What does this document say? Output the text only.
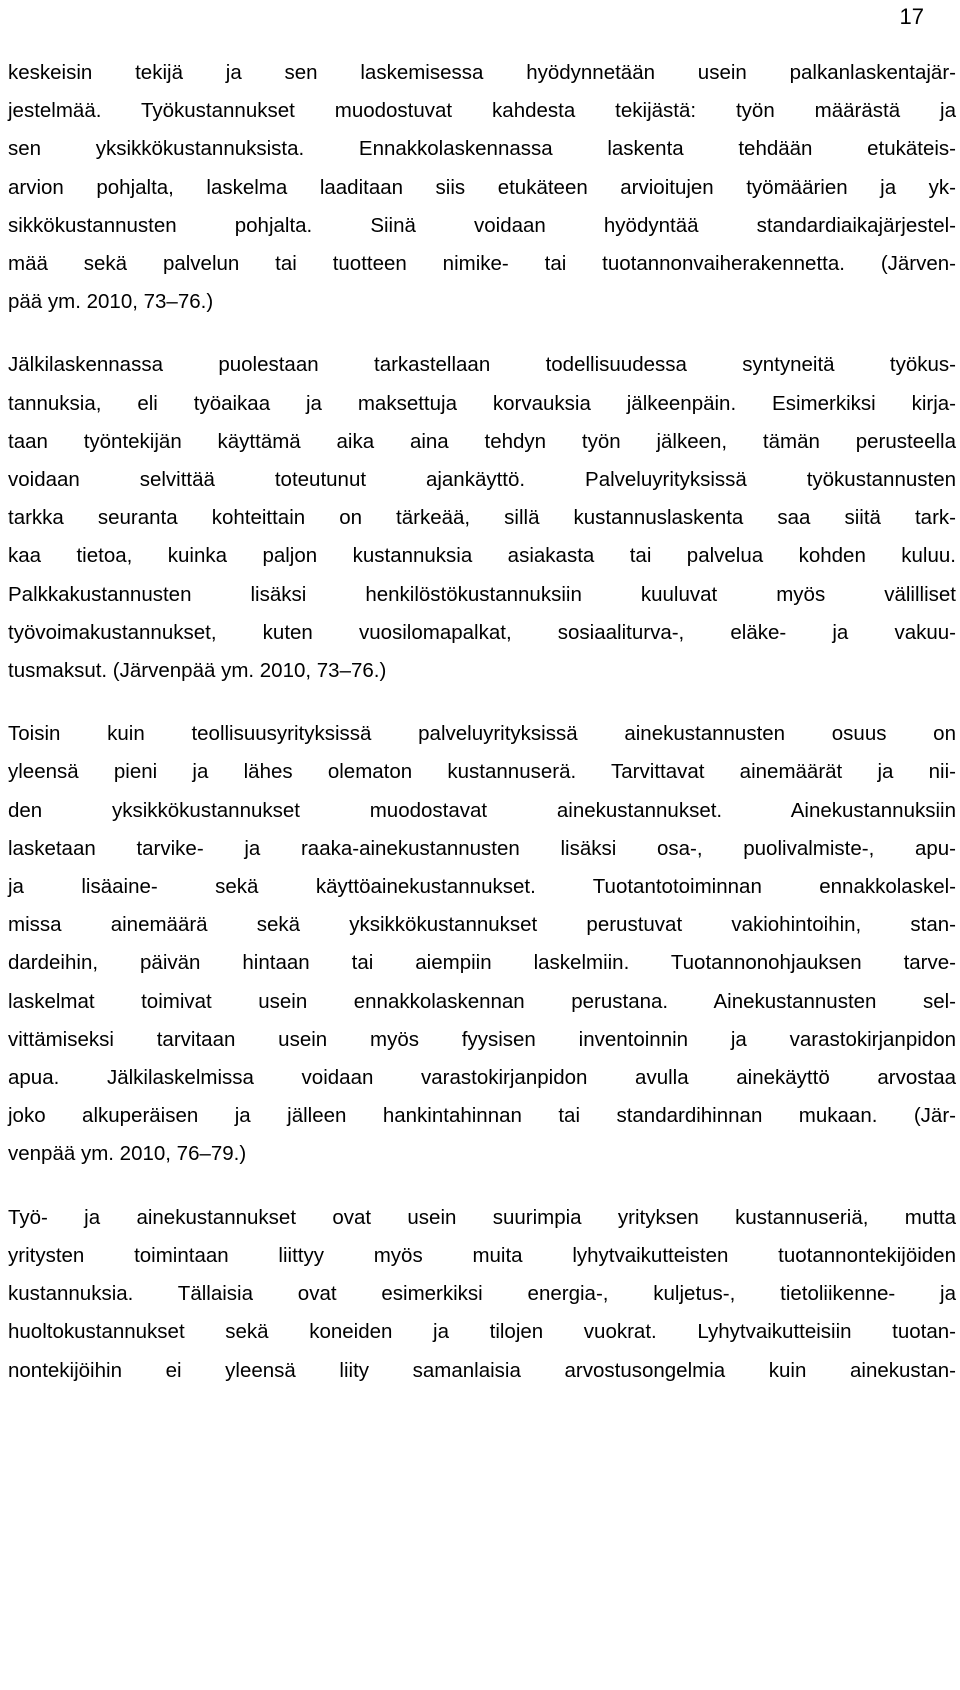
17

keskeisin tekijä ja sen laskemisessa hyödynnetään usein palkanlaskentajär-
jestelmää. Työkustannukset muodostuvat kahdesta tekijästä: työn määrästä ja
sen yksikkökustannuksista. Ennakkolaskennassa laskenta tehdään etukäteis-
arvion pohjalta, laskelma laaditaan siis etukäteen arvioitujen työmäärien ja yk-
sikkökustannusten pohjalta. Siinä voidaan hyödyntää standardiaikajärjestel-
mää sekä palvelun tai tuotteen nimike- tai tuotannonvaiherakennetta. (Järven-
pää ym. 2010, 73–76.)

Jälkilaskennassa puolestaan tarkastellaan todellisuudessa syntyneitä työkus-
tannuksia, eli työaikaa ja maksettuja korvauksia jälkeenpäin. Esimerkiksi kirja-
taan työntekijän käyttämä aika aina tehdyn työn jälkeen, tämän perusteella
voidaan selvittää toteutunut ajankäyttö. Palveluyrityksissä työkustannusten
tarkka seuranta kohteittain on tärkeää, sillä kustannuslaskenta saa siitä tark-
kaa tietoa, kuinka paljon kustannuksia asiakasta tai palvelua kohden kuluu.
Palkkakustannusten lisäksi henkilöstökustannuksiin kuuluvat myös välilliset
työvoimakustannukset, kuten vuosilomapalkat, sosiaaliturva-, eläke- ja vakuu-
tusmaksut. (Järvenpää ym. 2010, 73–76.)

Toisin kuin teollisuusyrityksissä palveluyrityksissä ainekustannusten osuus on
yleensä pieni ja lähes olematon kustannuserä. Tarvittavat ainemäärät ja nii-
den yksikkökustannukset muodostavat ainekustannukset. Ainekustannuksiin
lasketaan tarvike- ja raaka-ainekustannusten lisäksi osa-, puolivalmiste-, apu-
ja lisäaine- sekä käyttöainekustannukset. Tuotantotoiminnan ennakkolaskel-
missa ainemäärä sekä yksikkökustannukset perustuvat vakiohintoihin, stan-
dardeihin, päivän hintaan tai aiempiin laskelmiin. Tuotannonohjauksen tarve-
laskelmat toimivat usein ennakkolaskennan perustana. Ainekustannusten sel-
vittämiseksi tarvitaan usein myös fyysisen inventoinnin ja varastokirjanpidon
apua. Jälkilaskelmissa voidaan varastokirjanpidon avulla ainekäyttö arvostaa
joko alkuperäisen ja jälleen hankintahinnan tai standardihinnan mukaan. (Jär-
venpää ym. 2010, 76–79.)

Työ- ja ainekustannukset ovat usein suurimpia yrityksen kustannuseriä, mutta
yritysten toimintaan liittyy myös muita lyhytvaikutteisten tuotannontekijöiden
kustannuksia. Tällaisia ovat esimerkiksi energia-, kuljetus-, tietoliikenne- ja
huoltokustannukset sekä koneiden ja tilojen vuokrat. Lyhytvaikutteisiin tuotan-
nontekijöihin ei yleensä liity samanlaisia arvostusongelmia kuin ainekustan-
